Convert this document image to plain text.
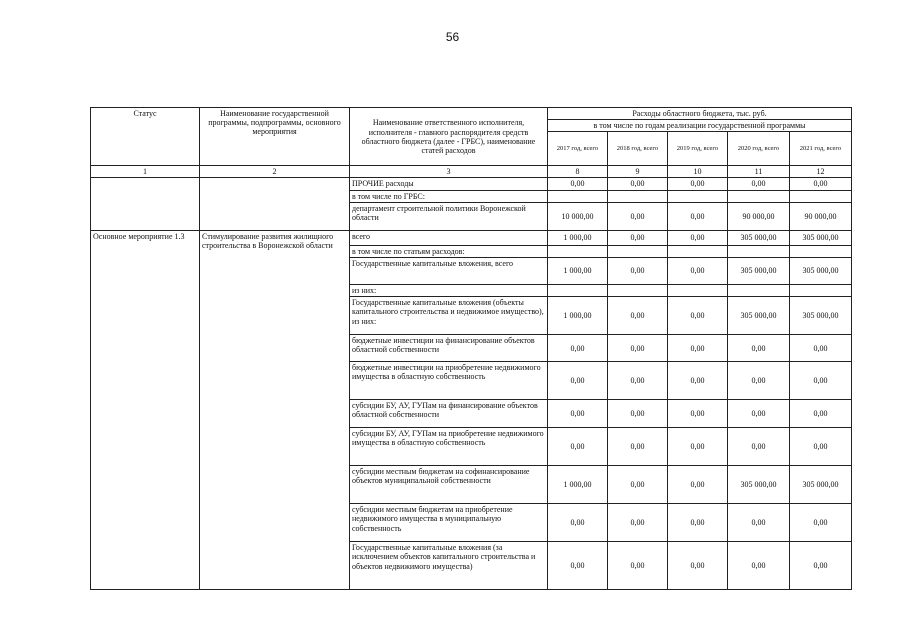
56
Статус	Наименование государственной программы, подпрограммы, основного мероприятия	Наименование ответственного исполнителя, исполнителя - главного распорядителя средств областного бюджета (далее - ГРБС), наименование статей расходов	Расходы областного бюджета, тыс. руб.				
			в том числе по годам реализации государственной программы				
			2017 год, всего	2018 год, всего	2019 год, всего	2020 год, всего	2021 год, всего
1	2	3	8	9	10	11	12
		ПРОЧИЕ расходы	0,00	0,00	0,00	0,00	0,00
		в том числе по ГРБС:					
		департамент строительной политики Воронежской области	10 000,00	0,00	0,00	90 000,00	90 000,00
Основное мероприятие 1.3	Стимулирование развития жилищного строительства в Воронежской области	всего	1 000,00	0,00	0,00	305 000,00	305 000,00
		в том числе по статьям расходов:					
		Государственные капитальные вложения, всего	1 000,00	0,00	0,00	305 000,00	305 000,00
		из них:					
		Государственные капитальные вложения (объекты капитального строительства и недвижимое имущество), из них:	1 000,00	0,00	0,00	305 000,00	305 000,00
		бюджетные инвестиции на финансирование объектов областной собственности	0,00	0,00	0,00	0,00	0,00
		бюджетные инвестиции на приобретение недвижимого имущества в областную собственность	0,00	0,00	0,00	0,00	0,00
		субсидии БУ, АУ, ГУПам на финансирование объектов областной собственности	0,00	0,00	0,00	0,00	0,00
		субсидии БУ, АУ, ГУПам на приобретение недвижимого имущества в областную собственность	0,00	0,00	0,00	0,00	0,00
		субсидии местным бюджетам на софинансирование объектов муниципальной собственности	1 000,00	0,00	0,00	305 000,00	305 000,00
		субсидии местным бюджетам на приобретение недвижимого имущества в муниципальную собственность	0,00	0,00	0,00	0,00	0,00
		Государственные капитальные вложения (за исключением объектов капитального строительства и объектов недвижимого имущества)	0,00	0,00	0,00	0,00	0,00
